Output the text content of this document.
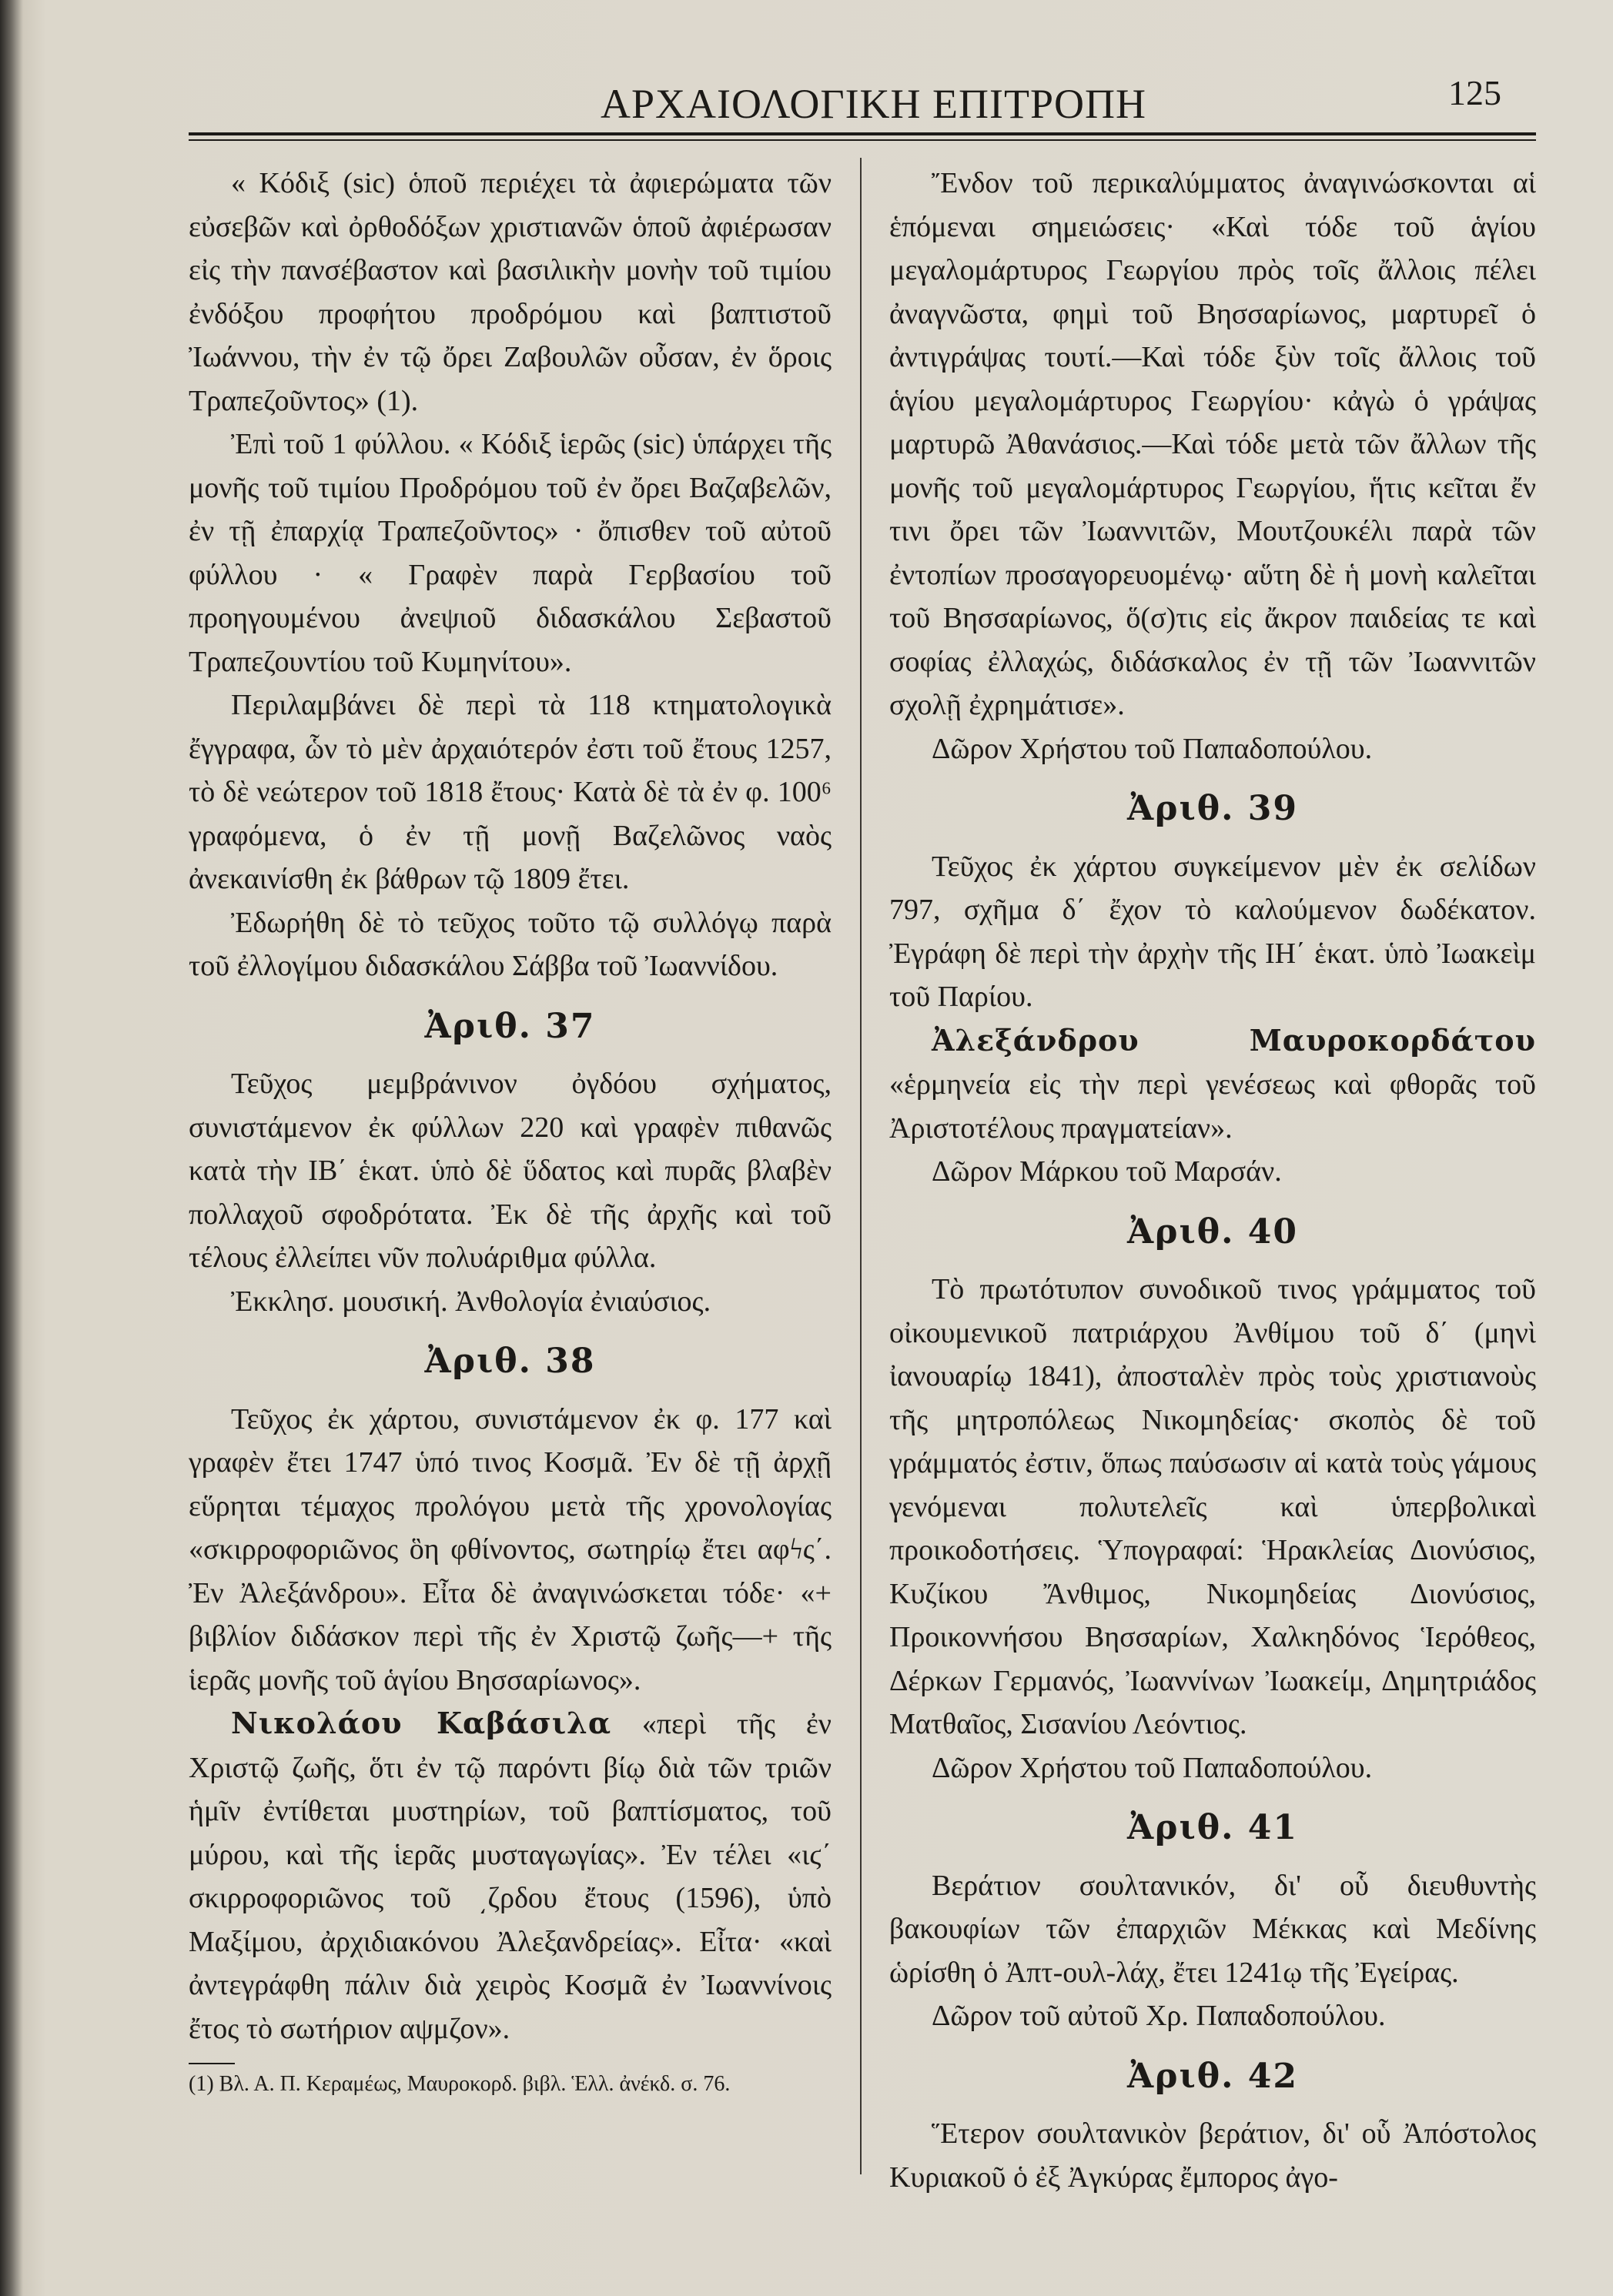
ΑΡΧΑΙΟΛΟΓΙΚΗ ΕΠΙΤΡΟΠΗ	125

« Κόδιξ (sic) ὁποῦ περιέχει τὰ ἀφιερώματα τῶν εὐσεβῶν καὶ ὀρθοδόξων χριστιανῶν ὁποῦ ἀφιέρωσαν εἰς τὴν πανσέβαστον καὶ βασιλικὴν μονὴν τοῦ τιμίου ἐνδόξου προφήτου προδρόμου καὶ βαπτιστοῦ Ἰωάννου, τὴν ἐν τῷ ὄρει Ζαβουλῶν οὖσαν, ἐν ὅροις Τραπεζοῦντος» (1).

Ἐπὶ τοῦ 1 φύλλου. « Κόδιξ ἱερῶς (sic) ὑπάρχει τῆς μονῆς τοῦ τιμίου Προδρόμου τοῦ ἐν ὄρει Βαζαβελῶν, ἐν τῇ ἐπαρχίᾳ Τραπεζοῦντος» · ὄπισθεν τοῦ αὐτοῦ φύλλου · « Γραφὲν παρὰ Γερβασίου τοῦ προηγουμένου ἀνεψιοῦ διδασκάλου Σεβαστοῦ Τραπεζουντίου τοῦ Κυμηνίτου».

Περιλαμβάνει δὲ περὶ τὰ 118 κτηματολογικὰ ἔγγραφα, ὧν τὸ μὲν ἀρχαιότερόν ἐστι τοῦ ἔτους 1257, τὸ δὲ νεώτερον τοῦ 1818 ἔτους· Κατὰ δὲ τὰ ἐν φ. 100⁶ γραφόμενα, ὁ ἐν τῇ μονῇ Βαζελῶνος ναὸς ἀνεκαινίσθη ἐκ βάθρων τῷ 1809 ἔτει.

Ἐδωρήθη δὲ τὸ τεῦχος τοῦτο τῷ συλλόγῳ παρὰ τοῦ ἐλλογίμου διδασκάλου Σάββα τοῦ Ἰωαννίδου.

Ἀριθ. 37

Τεῦχος μεμβράνινον ὀγδόου σχήματος, συνιστάμενον ἐκ φύλλων 220 καὶ γραφὲν πιθανῶς κατὰ τὴν ΙΒ΄ ἑκατ. ὑπὸ δὲ ὕδατος καὶ πυρᾶς βλαβὲν πολλαχοῦ σφοδρότατα. Ἐκ δὲ τῆς ἀρχῆς καὶ τοῦ τέλους ἐλλείπει νῦν πολυάριθμα φύλλα.

Ἐκκλησ. μουσική. Ἀνθολογία ἐνιαύσιος.

Ἀριθ. 38

Τεῦχος ἐκ χάρτου, συνιστάμενον ἐκ φ. 177 καὶ γραφὲν ἔτει 1747 ὑπό τινος Κοσμᾶ. Ἐν δὲ τῇ ἀρχῇ εὕρηται τέμαχος προλόγου μετὰ τῆς χρονολογίας «σκιρροφοριῶνος ὃη φθίνοντος, σωτηρίῳ ἔτει αφϟς΄. Ἐν Ἀλεξάνδρου». Εἶτα δὲ ἀναγινώσκεται τόδε· «+ βιβλίον διδάσκον περὶ τῆς ἐν Χριστῷ ζωῆς—+ τῆς ἱερᾶς μονῆς τοῦ ἁγίου Βησσαρίωνος».

Νικολάου Καβάσιλα «περὶ τῆς ἐν Χριστῷ ζωῆς, ὅτι ἐν τῷ παρόντι βίῳ διὰ τῶν τριῶν ἡμῖν ἐντίθεται μυστηρίων, τοῦ βαπτίσματος, τοῦ μύρου, καὶ τῆς ἱερᾶς μυσταγωγίας». Ἐν τέλει «ιϛ΄ σκιρροφοριῶνος τοῦ ͵ζρδου ἔτους (1596), ὑπὸ Μαξίμου, ἀρχιδιακόνου Ἀλεξανδρείας». Εἶτα· «καὶ ἀντεγράφθη πάλιν διὰ χειρὸς Κοσμᾶ ἐν Ἰωαννίνοις ἔτος τὸ σωτήριον αψμζον».

(1) Βλ. Α. Π. Κεραμέως, Μαυροκορδ. βιβλ. Ἑλλ. ἀνέκδ. σ. 76.

Ἔνδον τοῦ περικαλύμματος ἀναγινώσκονται αἱ ἑπόμεναι σημειώσεις· «Καὶ τόδε τοῦ ἁγίου μεγαλομάρτυρος Γεωργίου πρὸς τοῖς ἄλλοις πέλει ἀναγνῶστα, φημὶ τοῦ Βησσαρίωνος, μαρτυρεῖ ὁ ἀντιγράψας τουτί.—Καὶ τόδε ξὺν τοῖς ἄλλοις τοῦ ἁγίου μεγαλομάρτυρος Γεωργίου· κἀγὼ ὁ γράψας μαρτυρῶ Ἀθανάσιος.—Καὶ τόδε μετὰ τῶν ἄλλων τῆς μονῆς τοῦ μεγαλομάρτυρος Γεωργίου, ἥτις κεῖται ἔν τινι ὄρει τῶν Ἰωαννιτῶν, Μουτζουκέλι παρὰ τῶν ἐντοπίων προσαγορευομένῳ· αὕτη δὲ ἡ μονὴ καλεῖται τοῦ Βησσαρίωνος, ὅ(σ)τις εἰς ἄκρον παιδείας τε καὶ σοφίας ἐλλαχώς, διδάσκαλος ἐν τῇ τῶν Ἰωαννιτῶν σχολῇ ἐχρημάτισε».

Δῶρον Χρήστου τοῦ Παπαδοπούλου.

Ἀριθ. 39

Τεῦχος ἐκ χάρτου συγκείμενον μὲν ἐκ σελίδων 797, σχῆμα δ΄ ἔχον τὸ καλούμενον δωδέκατον. Ἐγράφη δὲ περὶ τὴν ἀρχὴν τῆς ΙΗ΄ ἑκατ. ὑπὸ Ἰωακεὶμ τοῦ Παρίου.

Ἀλεξάνδρου Μαυροκορδάτου «ἑρμηνεία εἰς τὴν περὶ γενέσεως καὶ φθορᾶς τοῦ Ἀριστοτέλους πραγματείαν».

Δῶρον Μάρκου τοῦ Μαρσάν.

Ἀριθ. 40

Τὸ πρωτότυπον συνοδικοῦ τινος γράμματος τοῦ οἰκουμενικοῦ πατριάρχου Ἀνθίμου τοῦ δ΄ (μηνὶ ἰανουαρίῳ 1841), ἀποσταλὲν πρὸς τοὺς χριστιανοὺς τῆς μητροπόλεως Νικομηδείας· σκοπὸς δὲ τοῦ γράμματός ἐστιν, ὅπως παύσωσιν αἱ κατὰ τοὺς γάμους γενόμεναι πολυτελεῖς καὶ ὑπερβολικαὶ προικοδοτήσεις. Ὑπογραφαί: Ἡρακλείας Διονύσιος, Κυζίκου Ἄνθιμος, Νικομηδείας Διονύσιος, Προικοννήσου Βησσαρίων, Χαλκηδόνος Ἱερόθεος, Δέρκων Γερμανός, Ἰωαννίνων Ἰωακείμ, Δημητριάδος Ματθαῖος, Σισανίου Λεόντιος.

Δῶρον Χρήστου τοῦ Παπαδοπούλου.

Ἀριθ. 41

Βεράτιον σουλτανικόν, δι' οὗ διευθυντὴς βακουφίων τῶν ἐπαρχιῶν Μέκκας καὶ Μεδίνης ὡρίσθη ὁ Ἀπτ-ουλ-λάχ, ἔτει 1241ῳ τῆς Ἐγείρας.

Δῶρον τοῦ αὐτοῦ Χρ. Παπαδοπούλου.

Ἀριθ. 42

Ἕτερον σουλτανικὸν βεράτιον, δι' οὗ Ἀπόστολος Κυριακοῦ ὁ ἐξ Ἀγκύρας ἔμπορος ἀγο-
